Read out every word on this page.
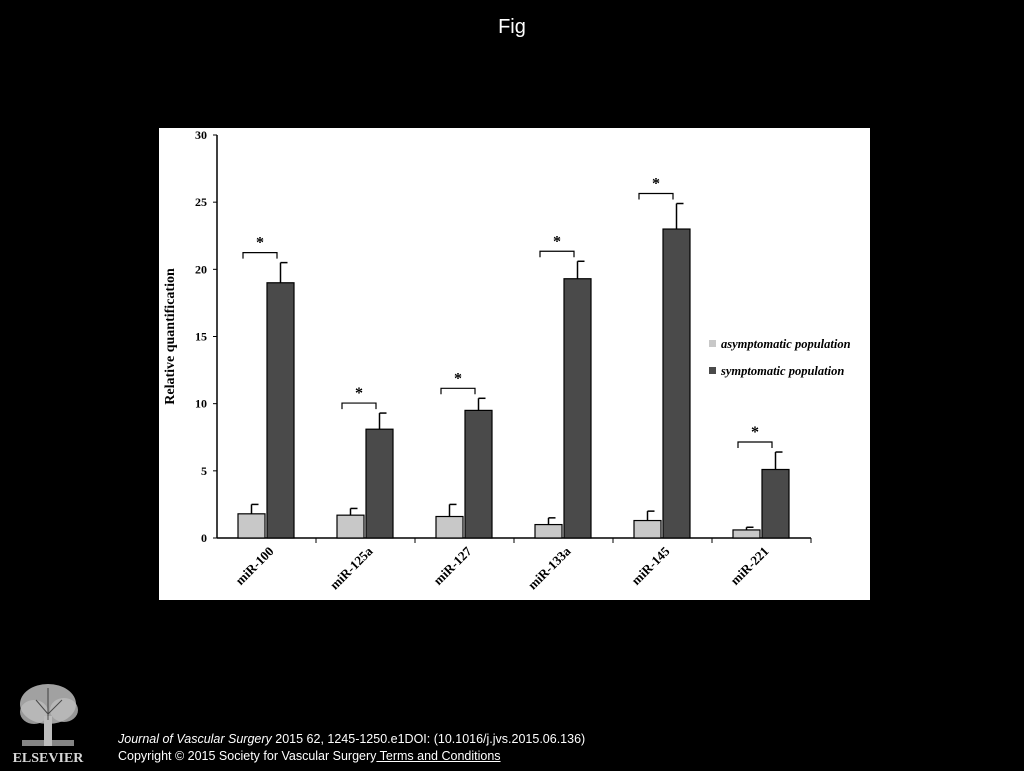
Fig
0
5
10
15
20
25
30
Relative quantification
*
miR-100
*
miR-125a
*
miR-127
*
miR-133a
*
miR-145
*
miR-221
asymptomatic population
symptomatic population
ELSEVIER
Journal of Vascular Surgery 2015 62, 1245-1250.e1DOI: (10.1016/j.jvs.2015.06.136)
Copyright © 2015 Society for Vascular Surgery Terms and Conditions
